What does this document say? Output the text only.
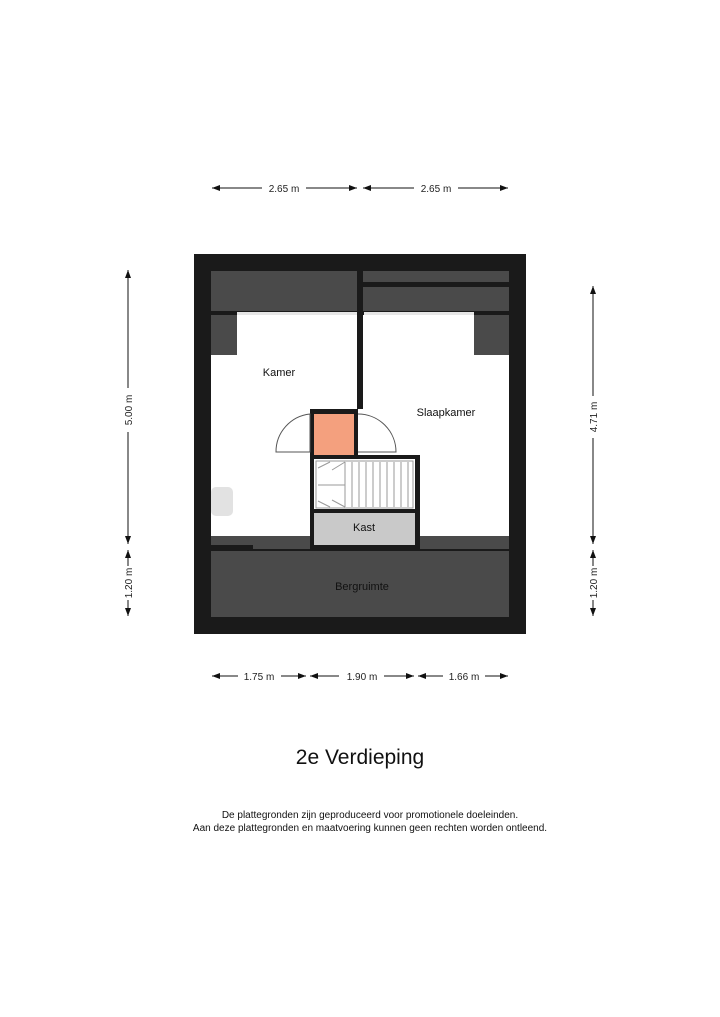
2.65 m	2.65 m
1.75 m	1.90 m	1.66 m
5.00 m
1.20 m
4.71 m
1.20 m
Kamer
Slaapkamer
Kast
Bergruimte
2e Verdieping
De plattegronden zijn geproduceerd voor promotionele doeleinden.
Aan deze plattegronden en maatvoering kunnen geen rechten worden ontleend.
